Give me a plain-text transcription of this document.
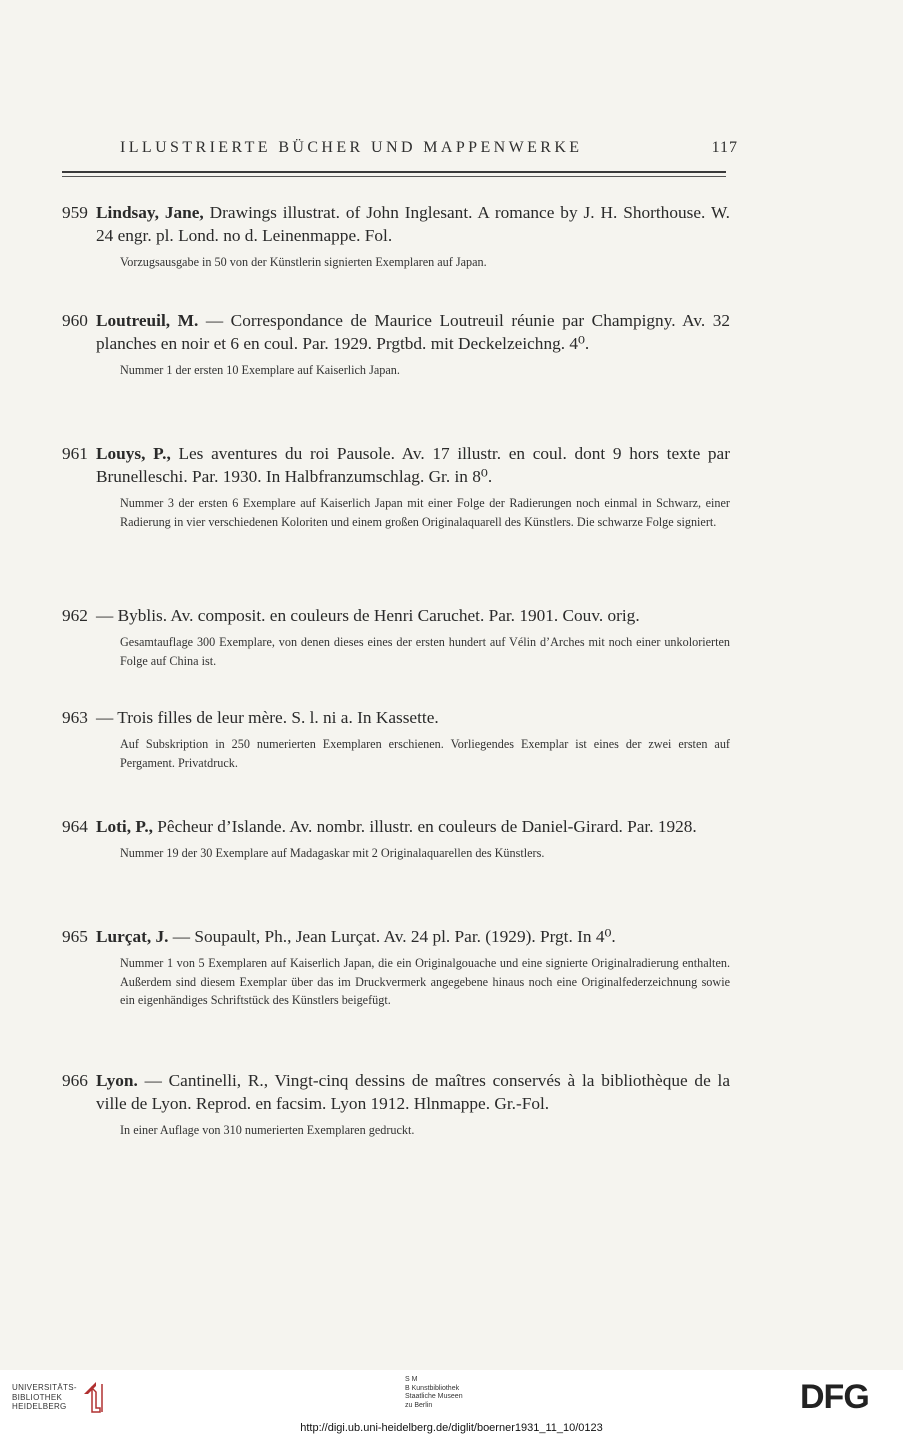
ILLUSTRIERTE BÜCHER UND MAPPENWERKE	117

959 Lindsay, Jane, Drawings illustrat. of John Inglesant. A romance by J. H. Shorthouse. W. 24 engr. pl. Lond. no d. Leinenmappe. Fol.

Vorzugsausgabe in 50 von der Künstlerin signierten Exemplaren auf Japan.

960 Loutreuil, M. — Correspondance de Maurice Loutreuil réunie par Champigny. Av. 32 planches en noir et 6 en coul. Par. 1929. Prgtbd. mit Deckelzeichng. 4⁰.

Nummer 1 der ersten 10 Exemplare auf Kaiserlich Japan.

961 Louys, P., Les aventures du roi Pausole. Av. 17 illustr. en coul. dont 9 hors texte par Brunelleschi. Par. 1930. In Halbfranzumschlag. Gr. in 8⁰.

Nummer 3 der ersten 6 Exemplare auf Kaiserlich Japan mit einer Folge der Radierungen noch einmal in Schwarz, einer Radierung in vier verschiedenen Koloriten und einem großen Originalaquarell des Künstlers. Die schwarze Folge signiert.

962 — Byblis. Av. composit. en couleurs de Henri Caruchet. Par. 1901. Couv. orig.

Gesamtauflage 300 Exemplare, von denen dieses eines der ersten hundert auf Vélin d’Arches mit noch einer unkolorierten Folge auf China ist.

963 — Trois filles de leur mère. S. l. ni a. In Kassette.

Auf Subskription in 250 numerierten Exemplaren erschienen. Vorliegendes Exemplar ist eines der zwei ersten auf Pergament. Privatdruck.

964 Loti, P., Pêcheur d’Islande. Av. nombr. illustr. en couleurs de Daniel-Girard. Par. 1928.

Nummer 19 der 30 Exemplare auf Madagaskar mit 2 Originalaquarellen des Künstlers.

965 Lurçat, J. — Soupault, Ph., Jean Lurçat. Av. 24 pl. Par. (1929). Prgt. In 4⁰.

Nummer 1 von 5 Exemplaren auf Kaiserlich Japan, die ein Originalgouache und eine signierte Originalradierung enthalten. Außerdem sind diesem Exemplar über das im Druckvermerk angegebene hinaus noch eine Originalfederzeichnung sowie ein eigenhändiges Schriftstück des Künstlers beigefügt.

966 Lyon. — Cantinelli, R., Vingt-cinq dessins de maîtres conservés à la bibliothèque de la ville de Lyon. Reprod. en facsim. Lyon 1912. Hlnmappe. Gr.-Fol.

In einer Auflage von 310 numerierten Exemplaren gedruckt.

UNIVERSITÄTS-
BIBLIOTHEK
HEIDELBERG
S M
B Kunstbibliothek
Staatliche Museen
zu Berlin	DFG
http://digi.ub.uni-heidelberg.de/diglit/boerner1931_11_10/0123
